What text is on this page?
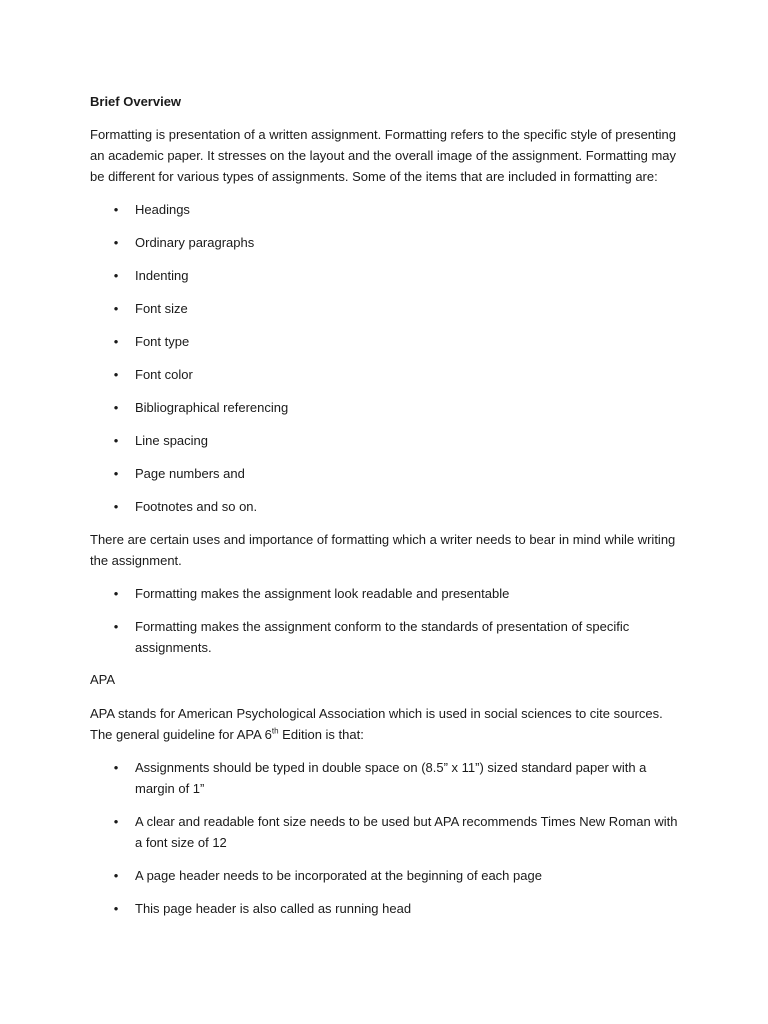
Brief Overview

Formatting is presentation of a written assignment. Formatting refers to the specific style of presenting an academic paper. It stresses on the layout and the overall image of the assignment. Formatting may be different for various types of assignments. Some of the items that are included in formatting are:

• Headings
• Ordinary paragraphs
• Indenting
• Font size
• Font type
• Font color
• Bibliographical referencing
• Line spacing
• Page numbers and
• Footnotes and so on.

There are certain uses and importance of formatting which a writer needs to bear in mind while writing the assignment.

• Formatting makes the assignment look readable and presentable
• Formatting makes the assignment conform to the standards of presentation of specific assignments.
APA

APA stands for American Psychological Association which is used in social sciences to cite sources. The general guideline for APA 6th Edition is that:

• Assignments should be typed in double space on (8.5” x 11”) sized standard paper with a margin of 1”
• A clear and readable font size needs to be used but APA recommends Times New Roman with a font size of 12
• A page header needs to be incorporated at the beginning of each page
• This page header is also called as running head
